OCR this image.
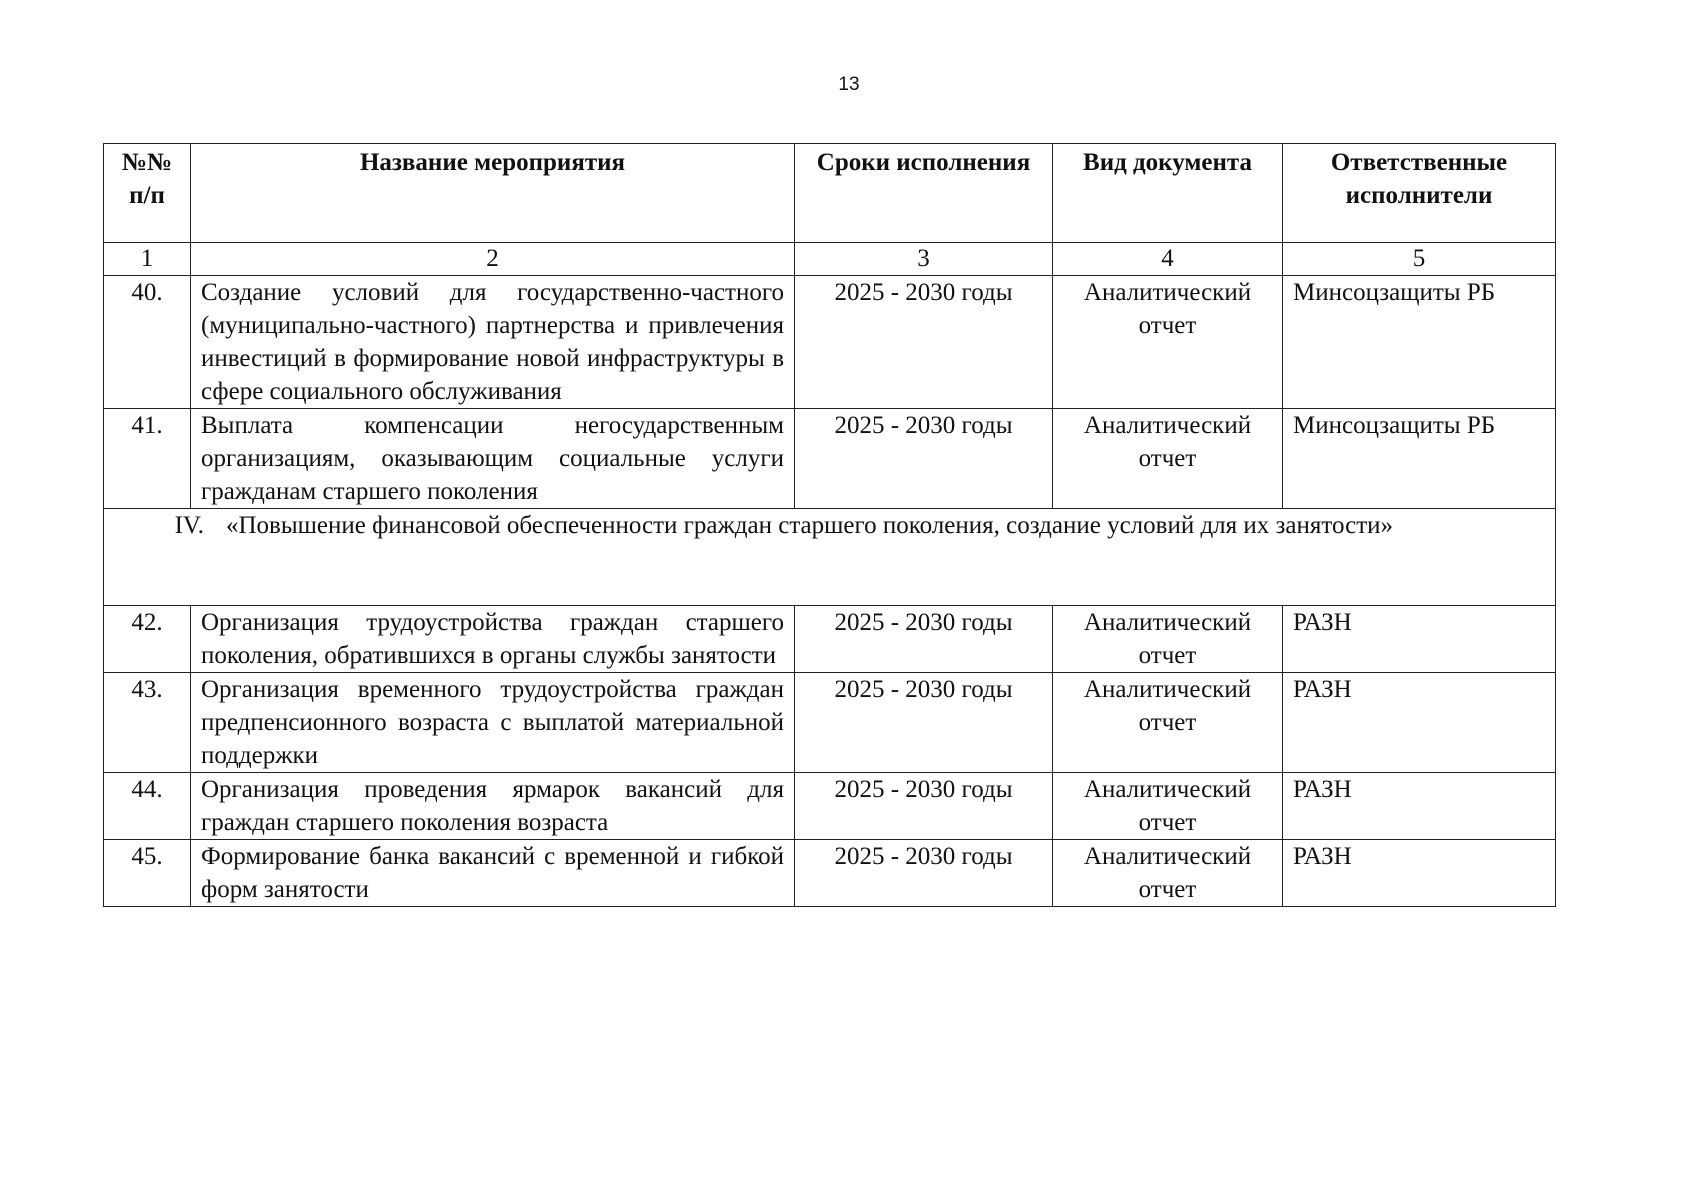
13
№№ п/п	Название мероприятия	Сроки исполнения	Вид документа	Ответственные исполнители
1	2	3	4	5
40.	Создание условий для государственно-частного (муниципально-частного) партнерства и привлечения инвестиций в формирование новой инфраструктуры в сфере социального обслуживания	2025 - 2030 годы	Аналитический отчет	Минсоцзащиты РБ
41.	Выплата компенсации негосударственным организациям, оказывающим социальные услуги гражданам старшего поколения	2025 - 2030 годы	Аналитический отчет	Минсоцзащиты РБ

IV. «Повышение финансовой обеспеченности граждан старшего поколения, создание условий для их занятости»				

42.	Организация трудоустройства граждан старшего поколения, обратившихся в органы службы занятости	2025 - 2030 годы	Аналитический отчет	РАЗН
43.	Организация временного трудоустройства граждан предпенсионного возраста с выплатой материальной поддержки	2025 - 2030 годы	Аналитический отчет	РАЗН
44.	Организация проведения ярмарок вакансий для граждан старшего поколения возраста	2025 - 2030 годы	Аналитический отчет	РАЗН
45.	Формирование банка вакансий с временной и гибкой форм занятости	2025 - 2030 годы	Аналитический отчет	РАЗН
